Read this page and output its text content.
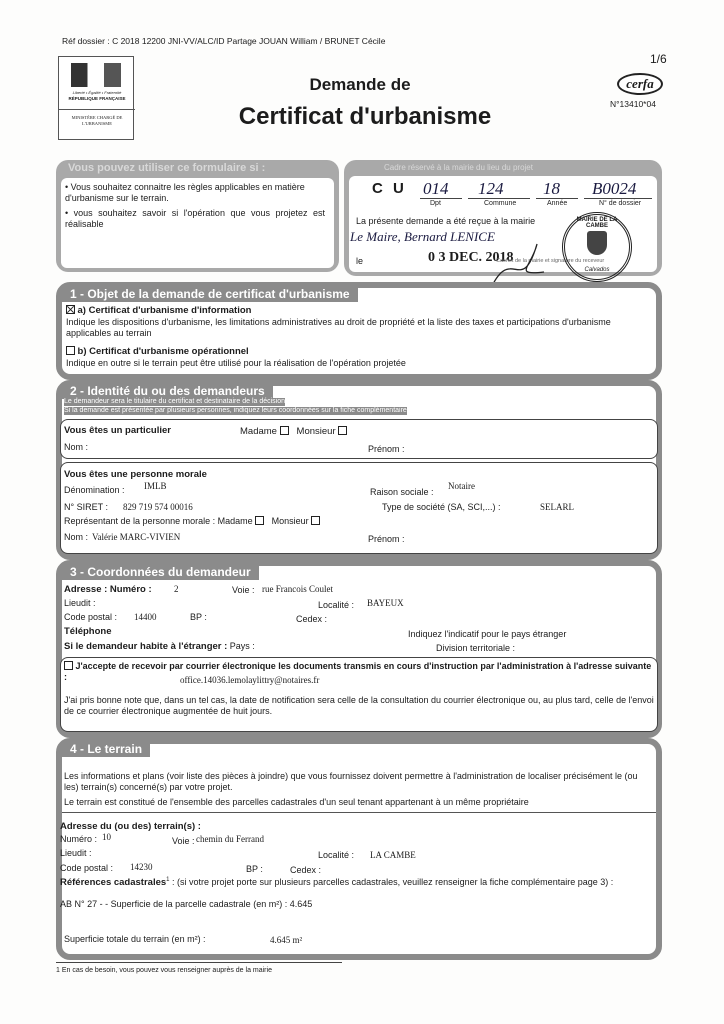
Réf dossier : C 2018 12200 JNI-VV/ALC/ID Partage JOUAN William / BRUNET Cécile
1/6
Liberté • Égalité • Fraternité
RÉPUBLIQUE FRANÇAISE
MINISTÈRE CHARGÉ DE L'URBANISME
Demande de
Certificat d'urbanisme
cerfa
N°13410*04
Vous pouvez utiliser ce formulaire si :
• Vous souhaitez connaitre les règles applicables en matière d'urbanisme sur le terrain.
• vous souhaitez savoir si l'opération que vous projetez est réalisable
Cadre réservé à la mairie du lieu du projet
C U 014 124 18 B0024
Dpt	Commune	Année	N° de dossier
La présente demande a été reçue à la mairie
Le Maire, Bernard LENICE
le	0 3 DEC. 2018
Cachet de la mairie et signature du receveur
MAIRIE DE LA CAMBE
Calvados
1 - Objet de la demande de certificat d'urbanisme
a) Certificat d'urbanisme d'information
Indique les dispositions d'urbanisme, les limitations administratives au droit de propriété et la liste des taxes et participations d'urbanisme applicables au terrain
b) Certificat d'urbanisme opérationnel
Indique en outre si le terrain peut être utilisé pour la réalisation de l'opération projetée
2 - Identité du ou des demandeurs
Le demandeur sera le titulaire du certificat et destinataire de la décision
Si la demande est présentée par plusieurs personnes, indiquez leurs coordonnées sur la fiche complémentaire
Vous êtes un particulier	Madame Monsieur
Nom :	Prénom :
Vous êtes une personne morale
Dénomination : IMLB
Raison sociale :
Notaire
N° SIRET : 829 719 574 00016	Type de société (SA, SCI,...) :	SELARL
Représentant de la personne morale : Madame Monsieur
Nom : Valérie MARC-VIVIEN	Prénom :
3 - Coordonnées du demandeur
Adresse : Numéro : 2	Voie : rue Francois Coulet
Lieudit :	Localité : BAYEUX
Code postal : 14400	BP :	Cedex :
Téléphone	Indiquez l'indicatif pour le pays étranger
Si le demandeur habite à l'étranger : Pays :	Division territoriale :
J'accepte de recevoir par courrier électronique les documents transmis en cours d'instruction par l'administration à l'adresse suivante :	office.14036.lemolaylittry@notaires.fr
J'ai pris bonne note que, dans un tel cas, la date de notification sera celle de la consultation du courrier électronique ou, au plus tard, celle de l'envoi de ce courrier électronique augmentée de huit jours.
4 - Le terrain
Les informations et plans (voir liste des pièces à joindre) que vous fournissez doivent permettre à l'administration de localiser précisément le (ou les) terrain(s) concerné(s) par votre projet.
Le terrain est constitué de l'ensemble des parcelles cadastrales d'un seul tenant appartenant à un même propriétaire
Adresse du (ou des) terrain(s) :
Numéro : 10	Voie : chemin du Ferrand
Lieudit :	Localité : LA CAMBE
Code postal : 14230	BP :	Cedex :
Références cadastrales$^1$ : (si votre projet porte sur plusieurs parcelles cadastrales, veuillez renseigner la fiche complémentaire page 3) :
AB N° 27 - - Superficie de la parcelle cadastrale (en m²) : 4.645
Superficie totale du terrain (en m²) :	4.645 m²
1 En cas de besoin, vous pouvez vous renseigner auprès de la mairie
